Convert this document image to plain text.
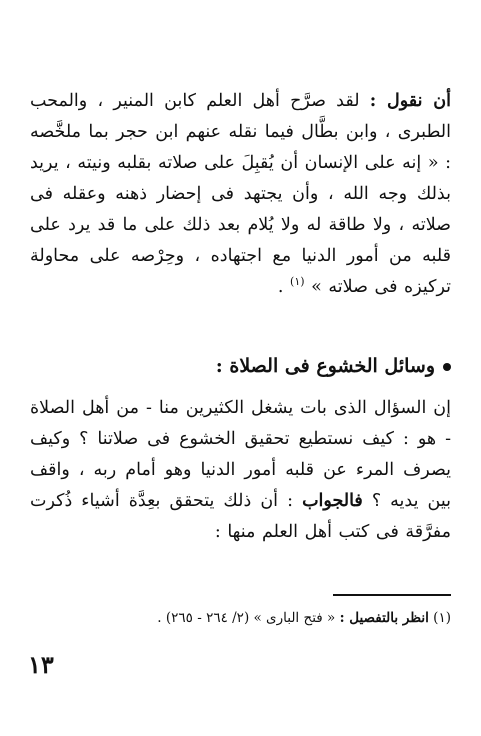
أن نقول : لقد صرَّح أهل العلم كابن المنير ، والمحب الطبرى ، وابن بطَّال فيما نقله عنهم ابن حجر بما ملخَّصه : « إنه على الإنسان أن يُقبِلَ على صلاته بقلبه ونيته ، يريد بذلك وجه الله ، وأن يجتهد فى إحضار ذهنه وعقله فى صلاته ، ولا طاقة له ولا يُلام بعد ذلك على ما قد يرد على قلبه من أمور الدنيا مع اجتهاده ، وحِرْصه على محاولة تركيزه فى صلاته » $^{(١)}$ .

وسائل الخشوع فى الصلاة :

إن السؤال الذى بات يشغل الكثيرين منا - من أهل الصلاة - هو : كيف نستطيع تحقيق الخشوع فى صلاتنا ؟ وكيف يصرف المرء عن قلبه أمور الدنيا وهو أمام ربه ، واقف بين يديه ؟ فالجواب : أن ذلك يتحقق بعِدَّة أشياء ذُكرت مفرَّقة فى كتب أهل العلم منها :

(١) انظر بالتفصيل : « فتح البارى » (٢/ ٢٦٤ - ٢٦٥) .
١٣
